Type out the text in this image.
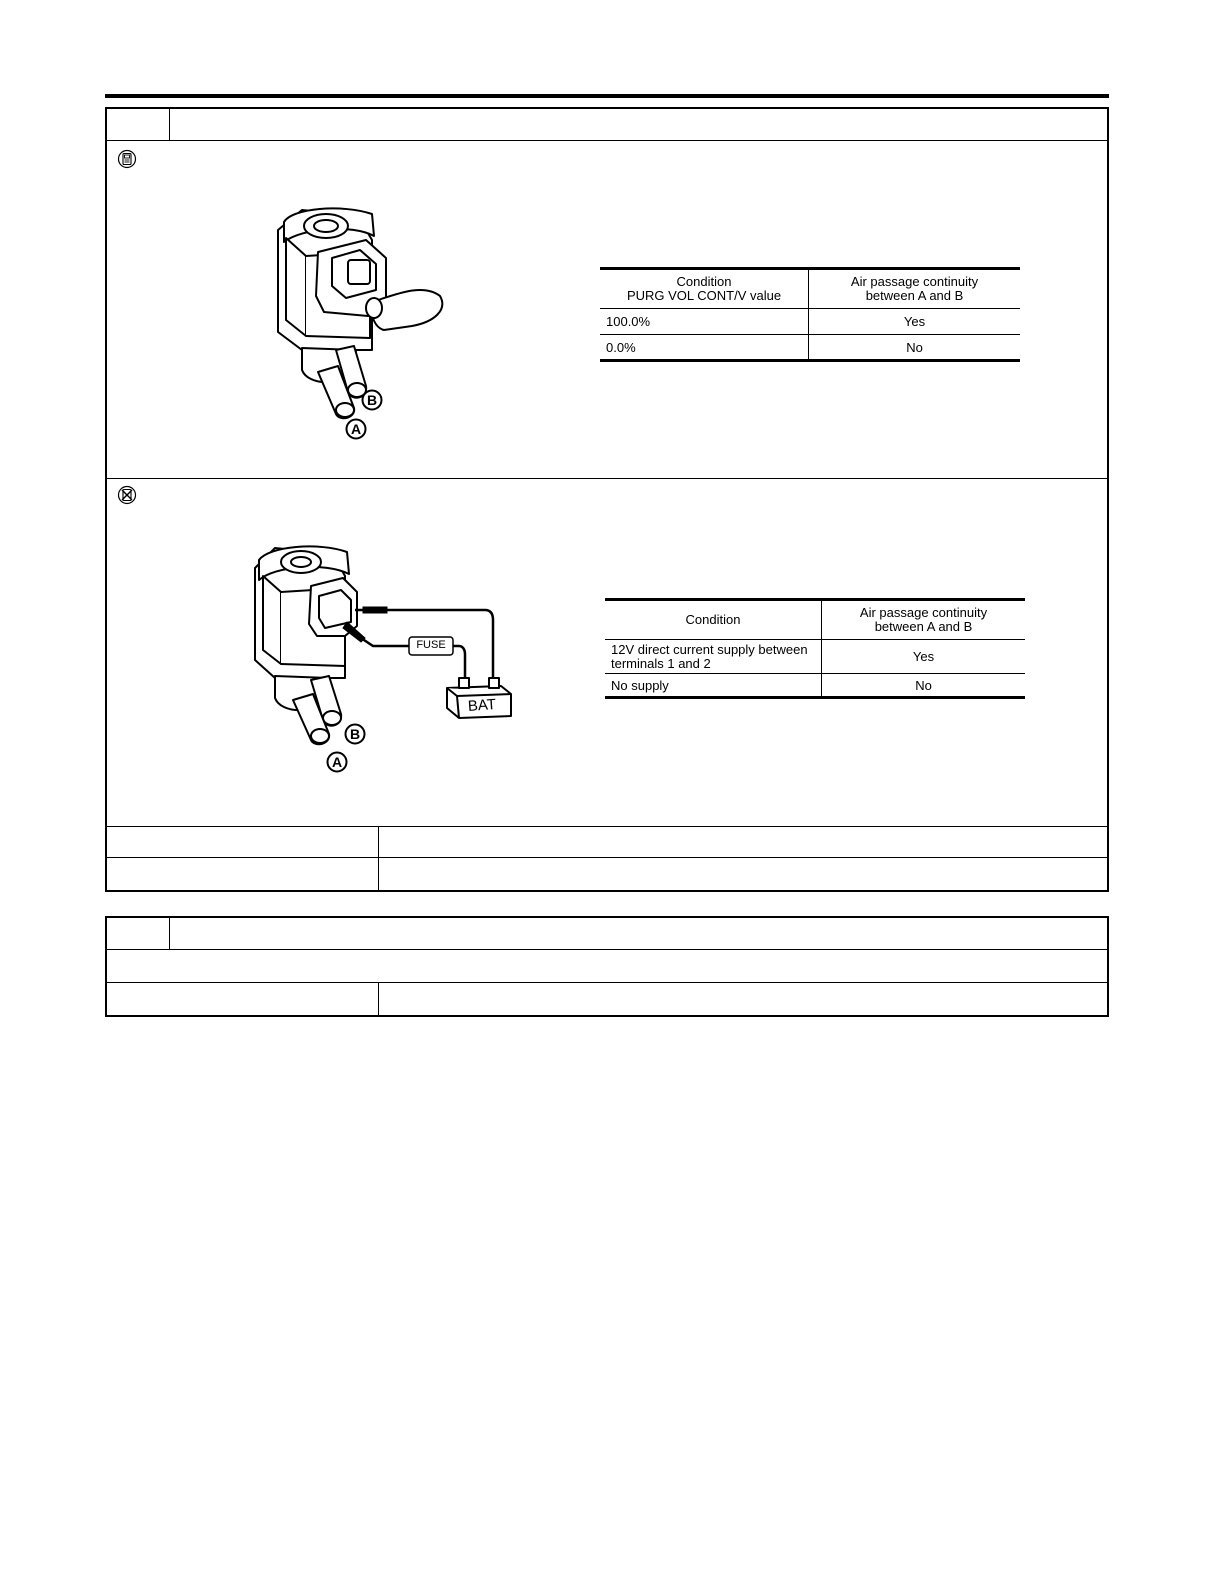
B
A
Condition
PURG VOL CONT/V value	Air passage continuity
between A and B
100.0%	Yes
0.0%	No
FUSE
BAT
B
A
Condition	Air passage continuity
between A and B
12V direct current supply between
terminals 1 and 2	Yes
No supply	No
